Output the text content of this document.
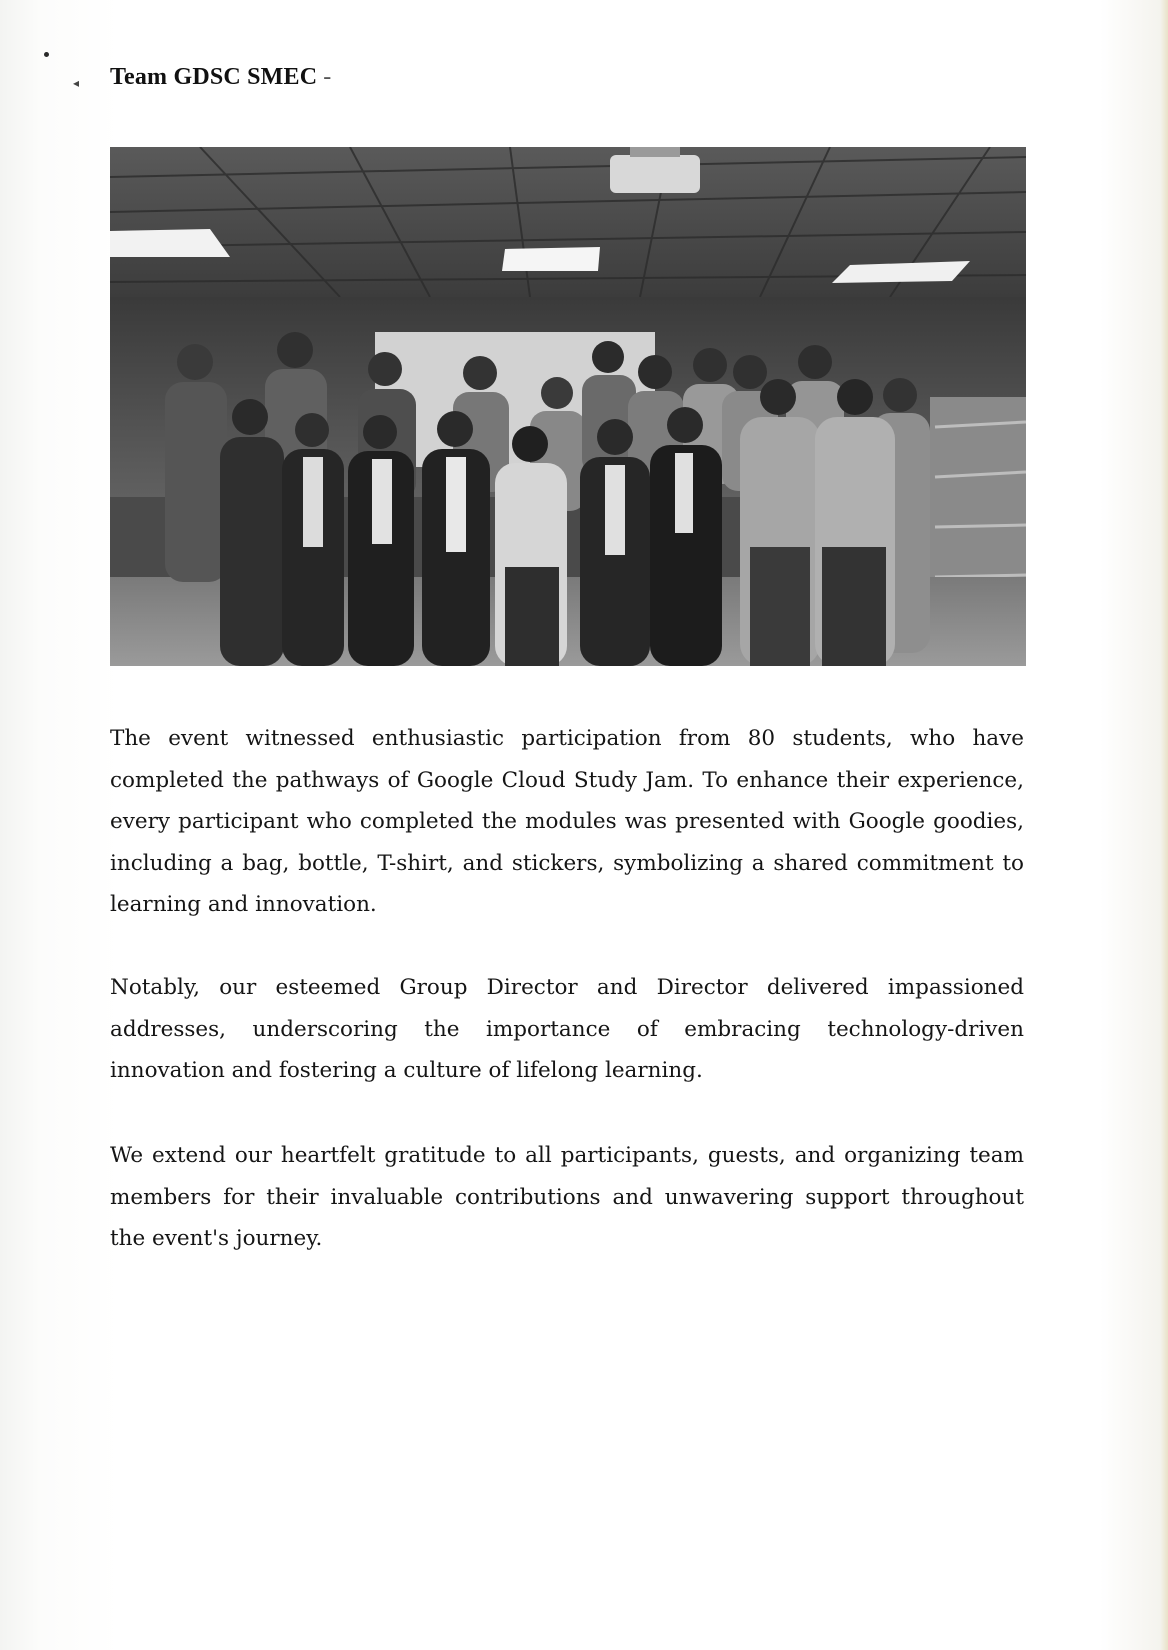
◂ Team GDSC SMEC -

The event witnessed enthusiastic participation from 80 students, who have completed the pathways of Google Cloud Study Jam. To enhance their experience, every participant who completed the modules was presented with Google goodies, including a bag, bottle, T-shirt, and stickers, symbolizing a shared commitment to learning and innovation.

Notably, our esteemed Group Director and Director delivered impassioned addresses, underscoring the importance of embracing technology-driven innovation and fostering a culture of lifelong learning.

We extend our heartfelt gratitude to all participants, guests, and organizing team members for their invaluable contributions and unwavering support throughout the event's journey.
